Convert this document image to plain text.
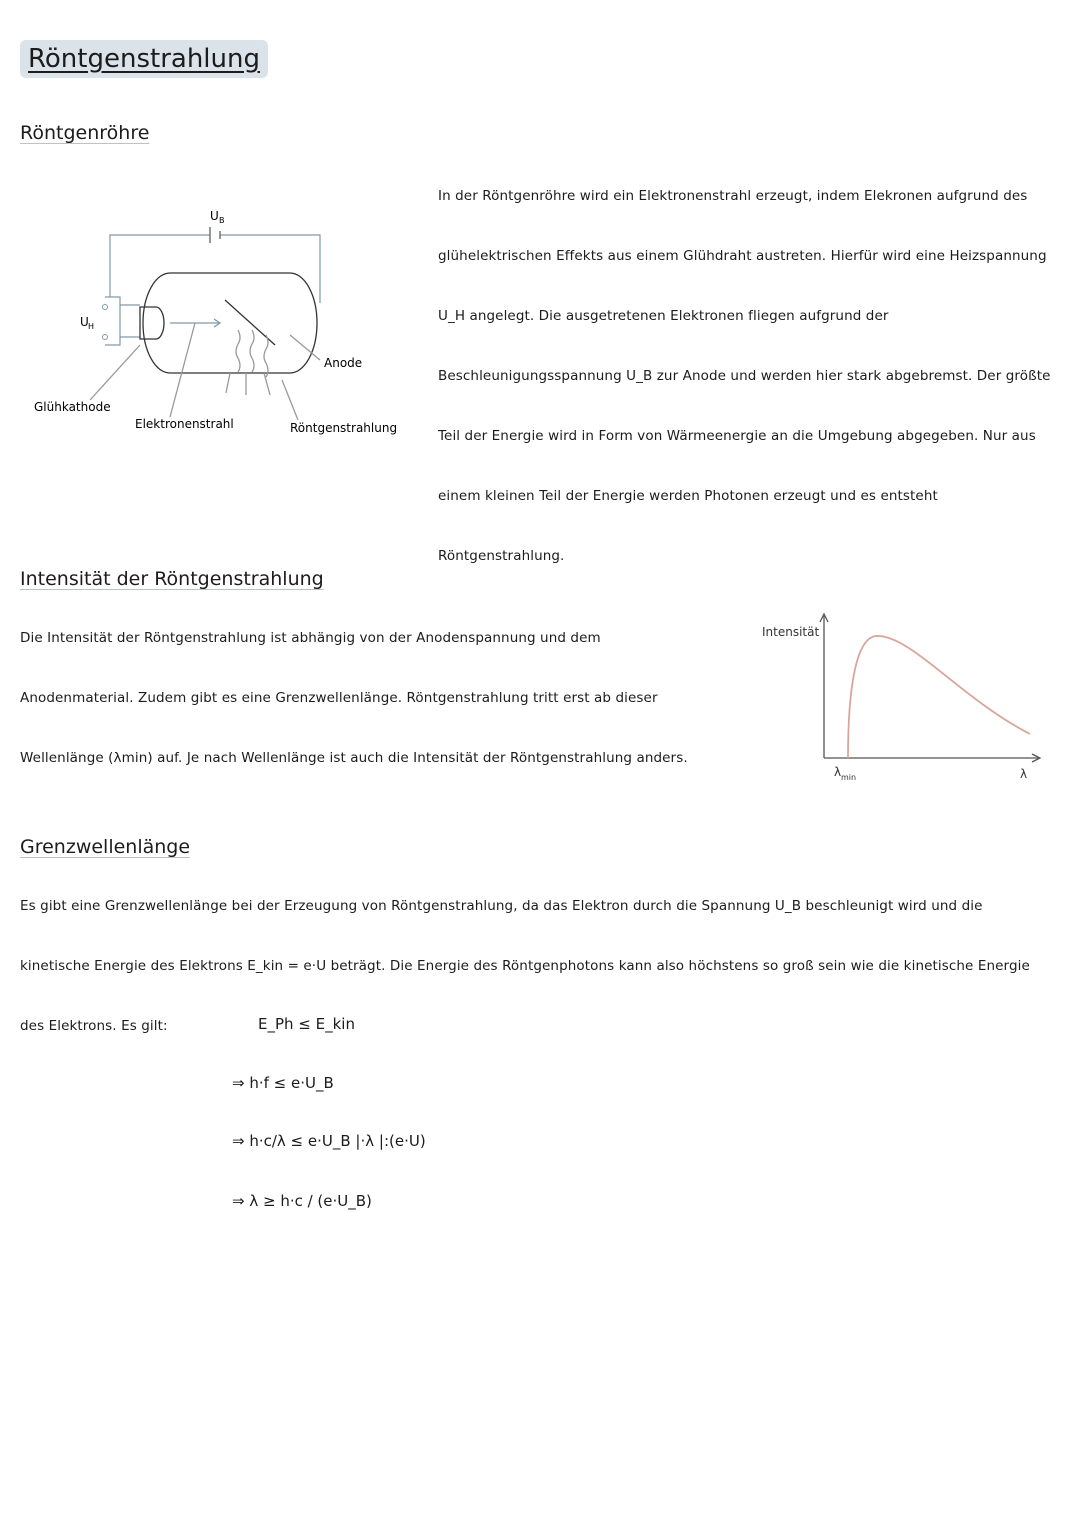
Röntgenstrahlung
Röntgenröhre
U B
U H
Anode
Glühkathode
Elektronenstrahl	Röntgenstrahlung
In der Röntgenröhre wird ein Elektronenstrahl erzeugt, indem Elekronen aufgrund des glühelektrischen Effekts aus einem Glühdraht austreten. Hierfür wird eine Heizspannung U_H angelegt. Die ausgetretenen Elektronen fliegen aufgrund der Beschleunigungsspannung U_B zur Anode und werden hier stark abgebremst. Der größte Teil der Energie wird in Form von Wärmeenergie an die Umgebung abgegeben. Nur aus einem kleinen Teil der Energie werden Photonen erzeugt und es entsteht Röntgenstrahlung.
Intensität der Röntgenstrahlung
Die Intensität der Röntgenstrahlung ist abhängig von der Anodenspannung und dem Anodenmaterial. Zudem gibt es eine Grenzwellenlänge. Röntgenstrahlung tritt erst ab dieser Wellenlänge (λmin) auf. Je nach Wellenlänge ist auch die Intensität der Röntgenstrahlung anders.
Intensität
λ min	λ
Grenzwellenlänge
Es gibt eine Grenzwellenlänge bei der Erzeugung von Röntgenstrahlung, da das Elektron durch die Spannung U_B beschleunigt wird und die kinetische Energie des Elektrons E_kin = e·U beträgt. Die Energie des Röntgenphotons kann also höchstens so groß sein wie die kinetische Energie des Elektrons. Es gilt:	E_Ph ≤ E_kin
⇒ h·f ≤ e·U_B
⇒ h·c/λ ≤ e·U_B |·λ |:(e·U)
⇒ λ ≥ h·c / (e·U_B)
